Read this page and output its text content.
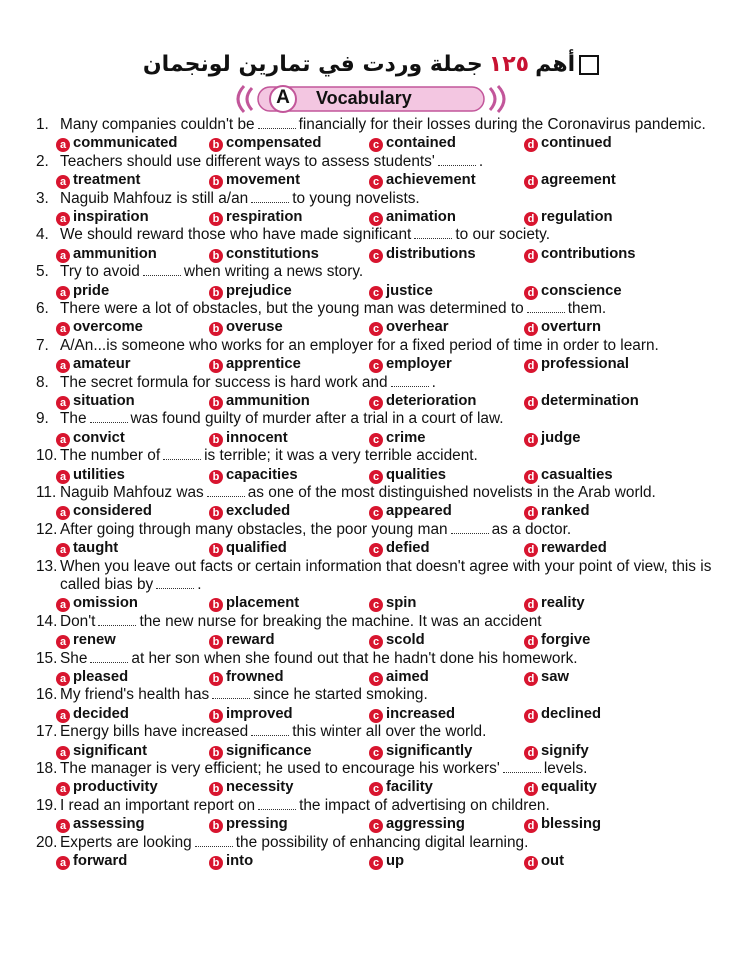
أهم١٢٥جملة وردت في تمارين لونجمان
A	Vocabulary
1. Many companies couldn't be	financially for their losses during the Coronavirus pandemic.
a communicated	b compensated	c contained	d continued
2. Teachers should use different ways to assess students'	.
a treatment	b movement	c achievement	d agreement
3. Naguib Mahfouz is still a/an	to young novelists.
a inspiration	b respiration	c animation	d regulation
4. We should reward those who have made significant	to our society.
a ammunition	b constitutions	c distributions	d contributions
5. Try to avoid	when writing a news story.
a pride	b prejudice	c justice	d conscience
6. There were a lot of obstacles, but the young man was determined to	them.
a overcome	b overuse	c overhear	d overturn
7. A/An...is someone who works for an employer for a fixed period of time in order to learn.
a amateur	b apprentice	c employer	d professional
8. The secret formula for success is hard work and	.
a situation	b ammunition	c deterioration	d determination
9. The	was found guilty of murder after a trial in a court of law.
a convict	b innocent	c crime	d judge
10. The number of	is terrible; it was a very terrible accident.
a utilities	b capacities	c qualities	d casualties
11. Naguib Mahfouz was	as one of the most distinguished novelists in the Arab world.
a considered	b excluded	c appeared	d ranked
12. After going through many obstacles, the poor young man	as a doctor.
a taught	b qualified	c defied	d rewarded
13. When you leave out facts or certain information that doesn't agree with your point of view, this is called bias by	.
a omission	b placement	c spin	d reality
14. Don't	the new nurse for breaking the machine. It was an accident
a renew	b reward	c scold	d forgive
15. She	at her son when she found out that he hadn't done his homework.
a pleased	b frowned	c aimed	d saw
16. My friend's health has	since he started smoking.
a decided	b improved	c increased	d declined
17. Energy bills have increased	this winter all over the world.
a significant	b significance	c significantly	d signify
18. The manager is very efficient; he used to encourage his workers'	levels.
a productivity	b necessity	c facility	d equality
19. I read an important report on	the impact of advertising on children.
a assessing	b pressing	c aggressing	d blessing
20. Experts are looking	the possibility of enhancing digital learning.
a forward	b into	c up	d out
